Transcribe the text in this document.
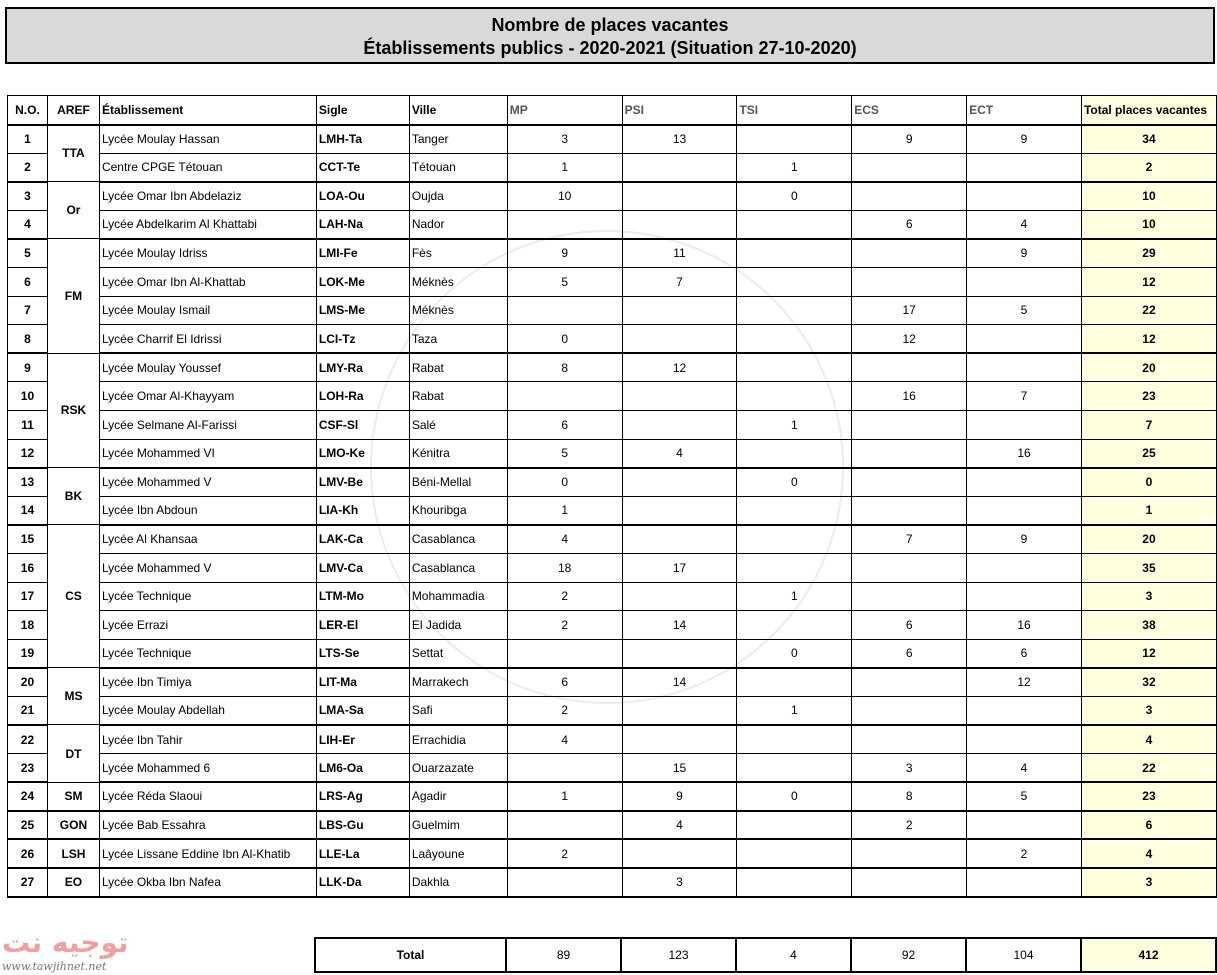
Nombre de places vacantes
Établissements publics - 2020-2021 (Situation 27-10-2020)
N.O.	AREF	Établissement	Sigle	Ville	MP	PSI	TSI	ECS	ECT	Total places vacantes
1	TTA	Lycée Moulay Hassan	LMH-Ta	Tanger	3	13		9	9	34
2		Centre CPGE Tétouan	CCT-Te	Tétouan	1		1			2
3	Or	Lycée Omar Ibn Abdelaziz	LOA-Ou	Oujda	10		0			10
4		Lycée Abdelkarim Al Khattabi	LAH-Na	Nador				6	4	10
5	FM	Lycée Moulay Idriss	LMI-Fe	Fès	9	11			9	29
6		Lycée Omar Ibn Al-Khattab	LOK-Me	Méknès	5	7				12
7		Lycée Moulay Ismail	LMS-Me	Méknès				17	5	22
8		Lycée Charrif El Idrissi	LCI-Tz	Taza	0			12		12
9	RSK	Lycée Moulay Youssef	LMY-Ra	Rabat	8	12				20
10		Lycée Omar Al-Khayyam	LOH-Ra	Rabat				16	7	23
11		Lycée Selmane Al-Farissi	CSF-Sl	Salé	6		1			7
12		Lycée Mohammed VI	LMO-Ke	Kénitra	5	4			16	25
13	BK	Lycée Mohammed V	LMV-Be	Béni-Mellal	0		0			0
14		Lycée Ibn Abdoun	LIA-Kh	Khouribga	1					1
15	CS	Lycée Al Khansaa	LAK-Ca	Casablanca	4			7	9	20
16		Lycée Mohammed V	LMV-Ca	Casablanca	18	17				35
17		Lycée Technique	LTM-Mo	Mohammadia	2		1			3
18		Lycée Errazi	LER-El	El Jadida	2	14		6	16	38
19		Lycée Technique	LTS-Se	Settat			0	6	6	12
20	MS	Lycée Ibn Timiya	LIT-Ma	Marrakech	6	14			12	32
21		Lycée Moulay Abdellah	LMA-Sa	Safi	2		1			3
22	DT	Lycée Ibn Tahir	LIH-Er	Errachidia	4					4
23		Lycée Mohammed 6	LM6-Oa	Ouarzazate		15		3	4	22
24	SM	Lycée Réda Slaoui	LRS-Ag	Agadir	1	9	0	8	5	23
25	GON	Lycée Bab Essahra	LBS-Gu	Guelmim		4		2		6
26	LSH	Lycée Lissane Eddine Ibn Al-Khatib	LLE-La	Laâyoune	2				2	4
27	EO	Lycée Okba Ibn Nafea	LLK-Da	Dakhla		3				3
Total	89	123	4	92	104	412
توجيه نت
www.tawjihnet.net
